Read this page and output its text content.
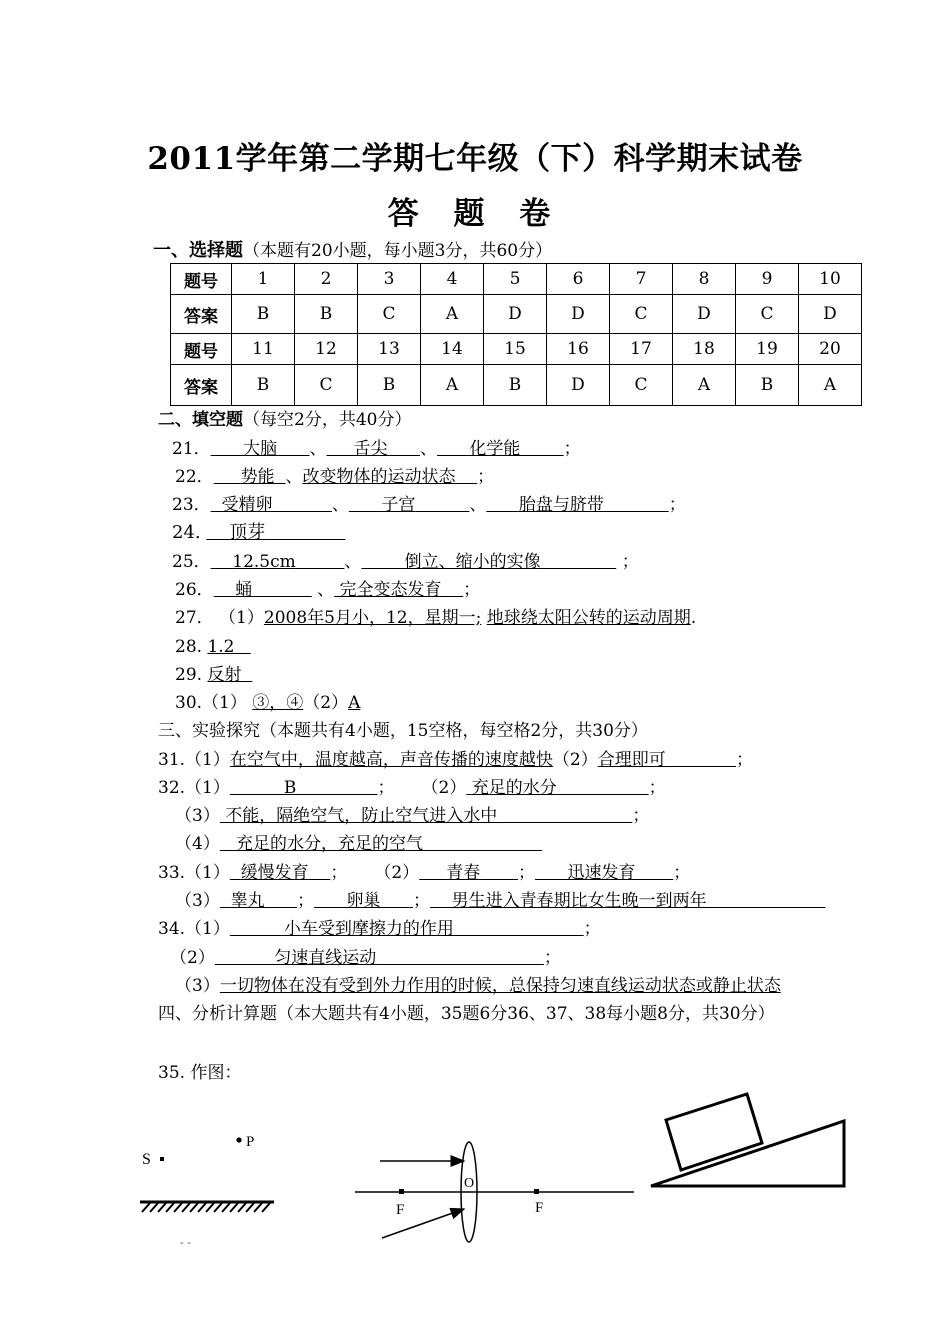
2011学年第二学期七年级（下）科学期末试卷
答 题 卷
一、选择题（本题有20小题，每小题3分，共60分）
题号	1	2	3	4	5	6	7	8	9	10
答案	B	B	C	A	D	D	C	D	C	D
题号	11	12	13	14	15	16	17	18	19	20
答案	B	C	B	A	B	D	C	A	B	A
二、填空题（每空2分，共40分）
21． 大脑 、 舌尖 、 化学能	；
22． 势能 、改变物体的运动状态 ；
23． 受精卵	、 子宫	、 胎盘与脐带	；
24. 顶芽
25． 12.5cm	、	倒立、缩小的实像	；
26． 蛹	、 完全变态发育 ；
27． （1）2008年5月小，12，星期一; 地球绕太阳公转的运动周期.
28. 1.2
29. 反射
30.（1） ③，④（2）A
三、实验探究（本题共有4小题，15空格，每空格2分，共30分）
31.（1）在空气中，温度越高，声音传播的速度越快（2）合理即可	；
32.（1）	B	； （2） 充足的水分	；
（3） 不能，隔绝空气，防止空气进入水中	；
（4） 充足的水分，充足的空气
33.（1） 缓慢发育 ； （2） 青春 ； 迅速发育 ；
（3） 睾丸 ； 卵巢 ； 男生进入青春期比女生晚一到两年
34.（1）	小车受到摩擦力的作用	；
（2）	匀速直线运动	；
（3）一切物体在没有受到外力作用的时候，总保持匀速直线运动状态或静止状态
四、分析计算题（本大题共有4小题，35题6分36、37、38每小题8分，共30分）
35. 作图：
P
S
- -
O
F	F
